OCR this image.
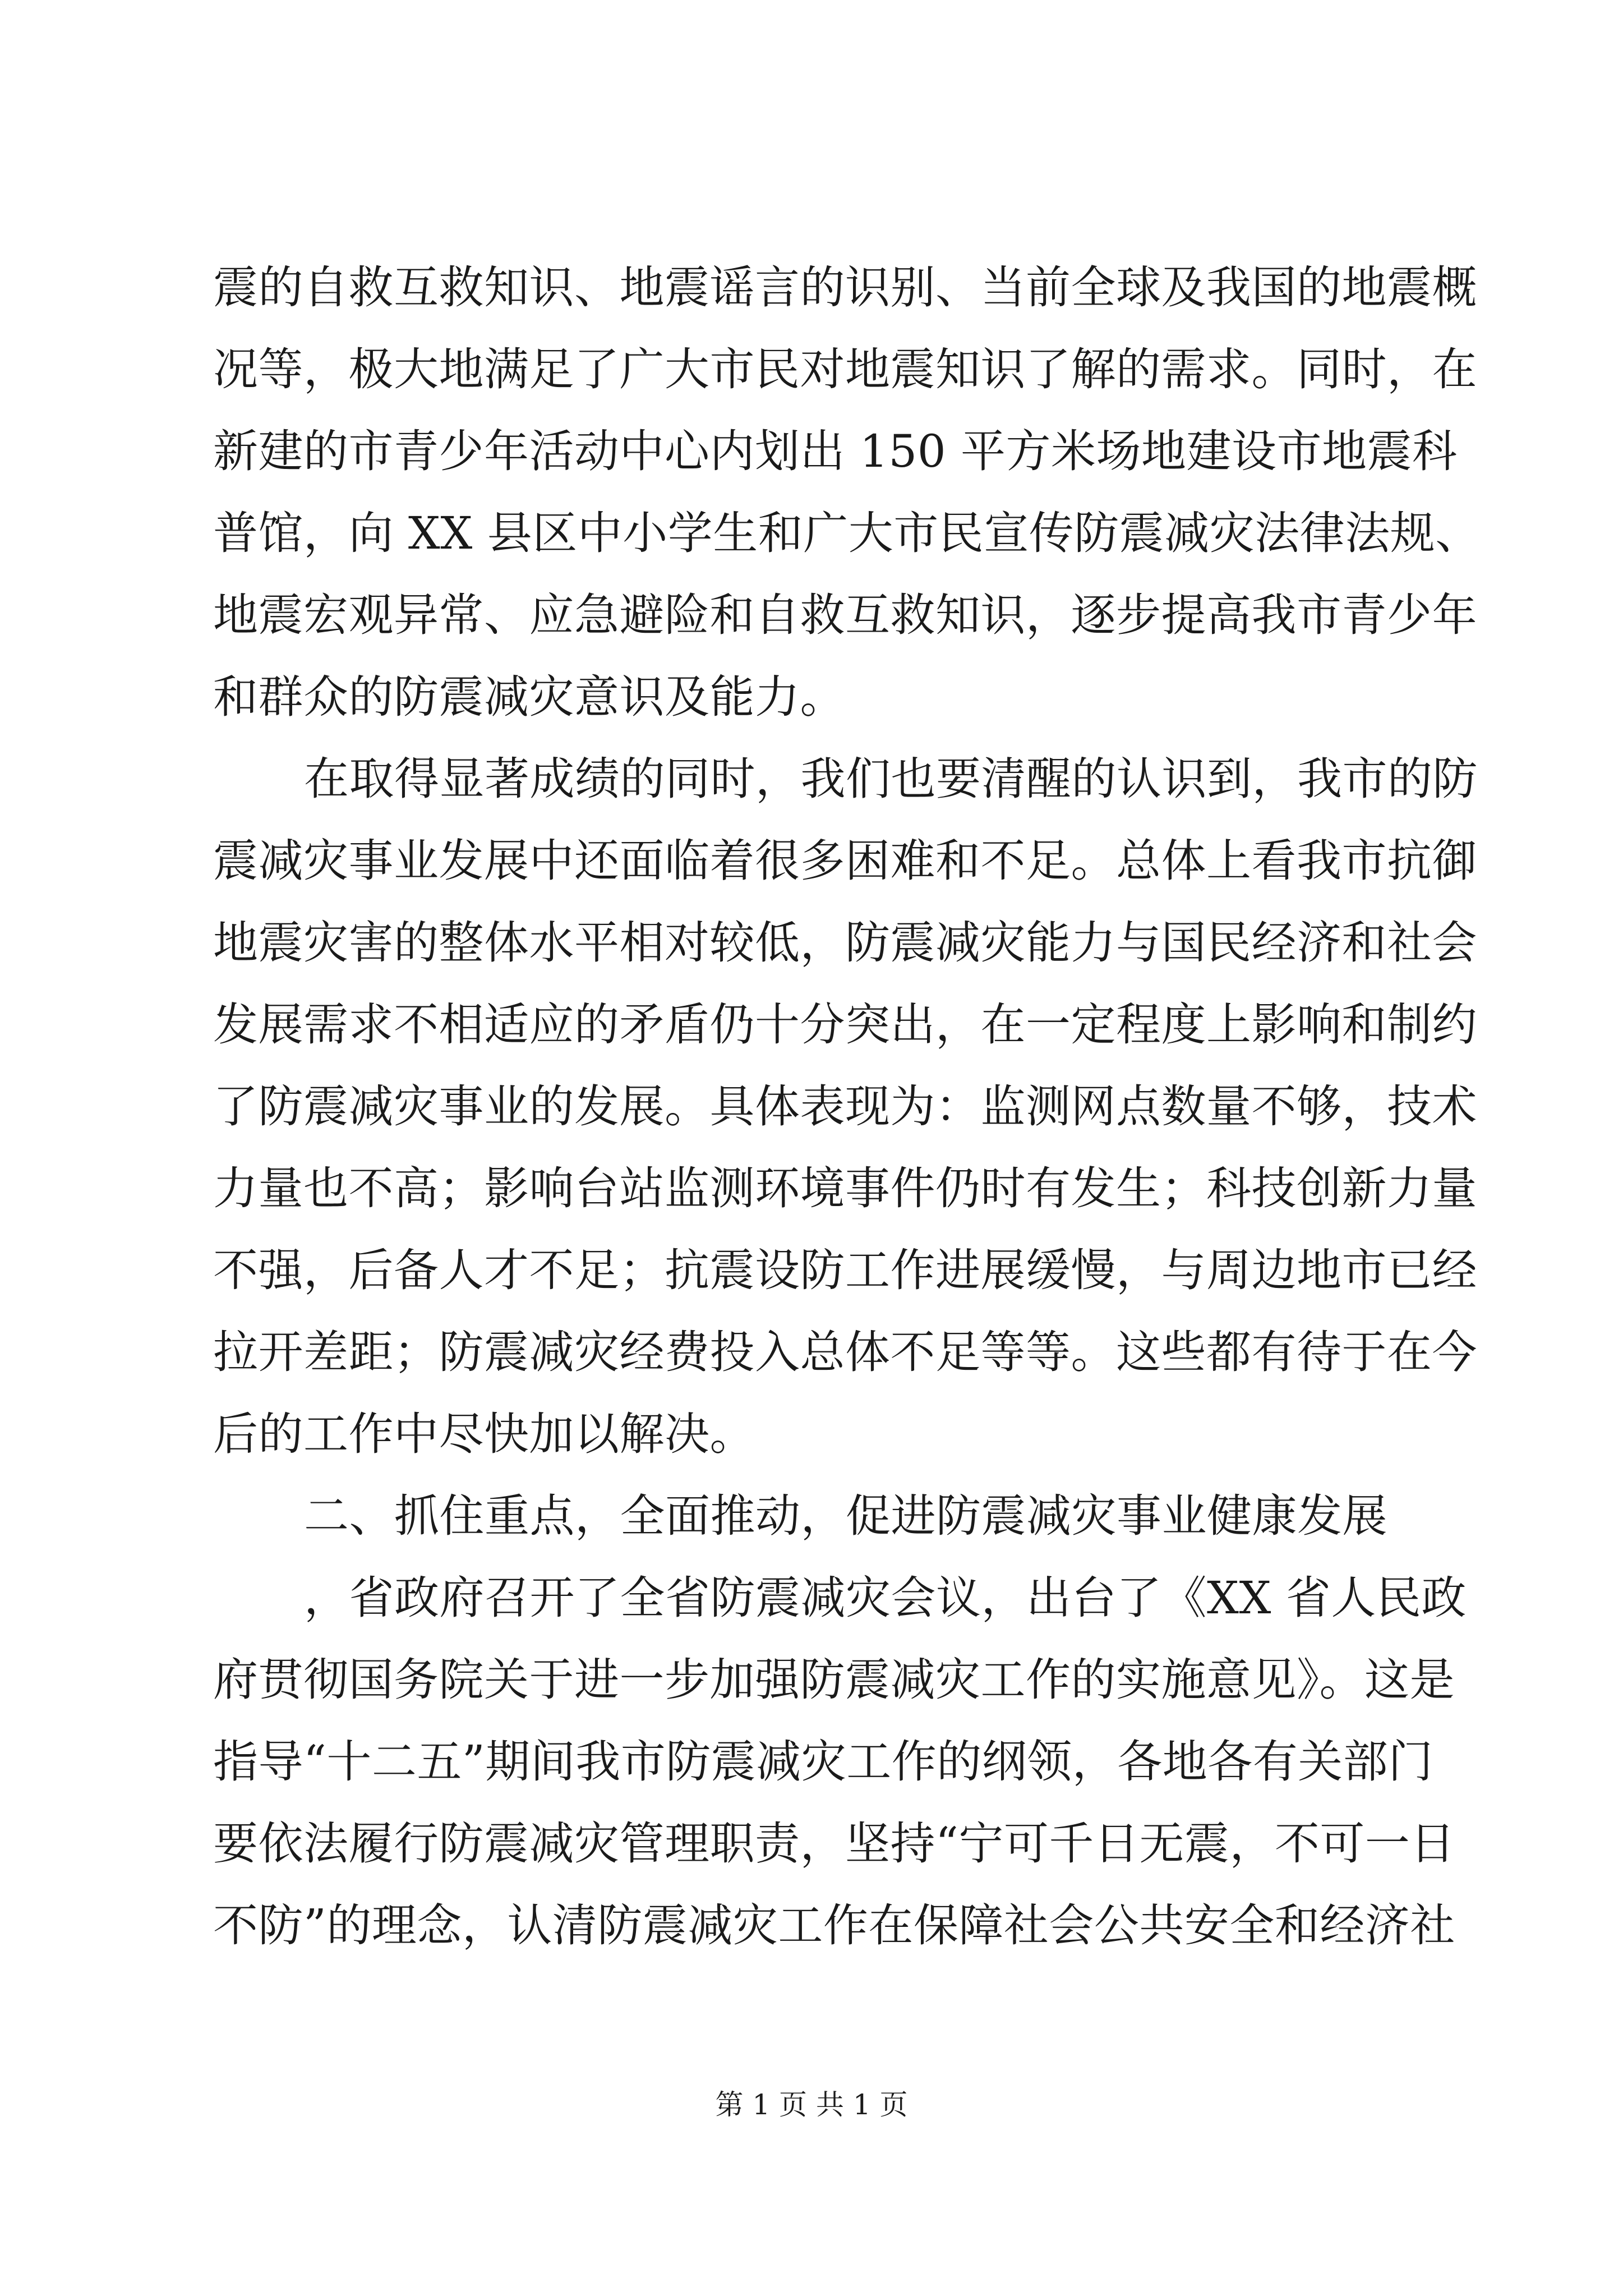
震的自救互救知识、地震谣言的识别、当前全球及我国的地震概
况等，极大地满足了广大市民对地震知识了解的需求。同时，在
新建的市青少年活动中心内划出 150 平方米场地建设市地震科
普馆，向 XX 县区中小学生和广大市民宣传防震减灾法律法规、
地震宏观异常、应急避险和自救互救知识，逐步提高我市青少年
和群众的防震减灾意识及能力。
在取得显著成绩的同时，我们也要清醒的认识到，我市的防
震减灾事业发展中还面临着很多困难和不足。总体上看我市抗御
地震灾害的整体水平相对较低，防震减灾能力与国民经济和社会
发展需求不相适应的矛盾仍十分突出，在一定程度上影响和制约
了防震减灾事业的发展。具体表现为：监测网点数量不够，技术
力量也不高；影响台站监测环境事件仍时有发生；科技创新力量
不强，后备人才不足；抗震设防工作进展缓慢，与周边地市已经
拉开差距；防震减灾经费投入总体不足等等。这些都有待于在今
后的工作中尽快加以解决。
二、抓住重点，全面推动，促进防震减灾事业健康发展
，省政府召开了全省防震减灾会议，出台了《XX 省人民政
府贯彻国务院关于进一步加强防震减灾工作的实施意见》。这是
指导“十二五”期间我市防震减灾工作的纲领，各地各有关部门
要依法履行防震减灾管理职责，坚持“宁可千日无震，不可一日
不防”的理念，认清防震减灾工作在保障社会公共安全和经济社
第 1 页 共 1 页
